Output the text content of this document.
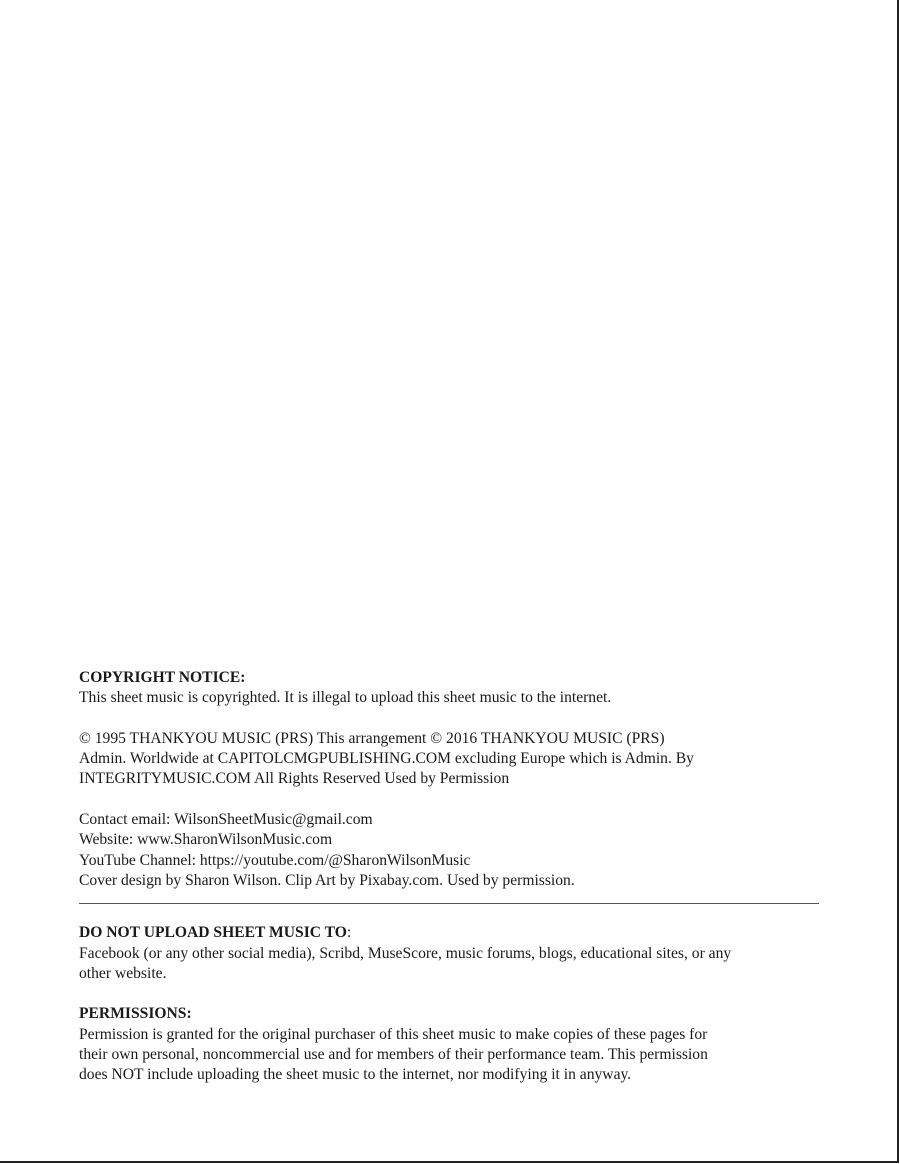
COPYRIGHT NOTICE:
This sheet music is copyrighted. It is illegal to upload this sheet music to the internet.
© 1995 THANKYOU MUSIC (PRS) This arrangement © 2016 THANKYOU MUSIC (PRS)
Admin. Worldwide at CAPITOLCMGPUBLISHING.COM excluding Europe which is Admin. By
INTEGRITYMUSIC.COM All Rights Reserved Used by Permission
Contact email: WilsonSheetMusic@gmail.com
Website: www.SharonWilsonMusic.com
YouTube Channel: https://youtube.com/@SharonWilsonMusic
Cover design by Sharon Wilson. Clip Art by Pixabay.com. Used by permission.
DO NOT UPLOAD SHEET MUSIC TO:
Facebook (or any other social media), Scribd, MuseScore, music forums, blogs, educational sites, or any
other website.
PERMISSIONS:
Permission is granted for the original purchaser of this sheet music to make copies of these pages for
their own personal, noncommercial use and for members of their performance team. This permission
does NOT include uploading the sheet music to the internet, nor modifying it in anyway.
